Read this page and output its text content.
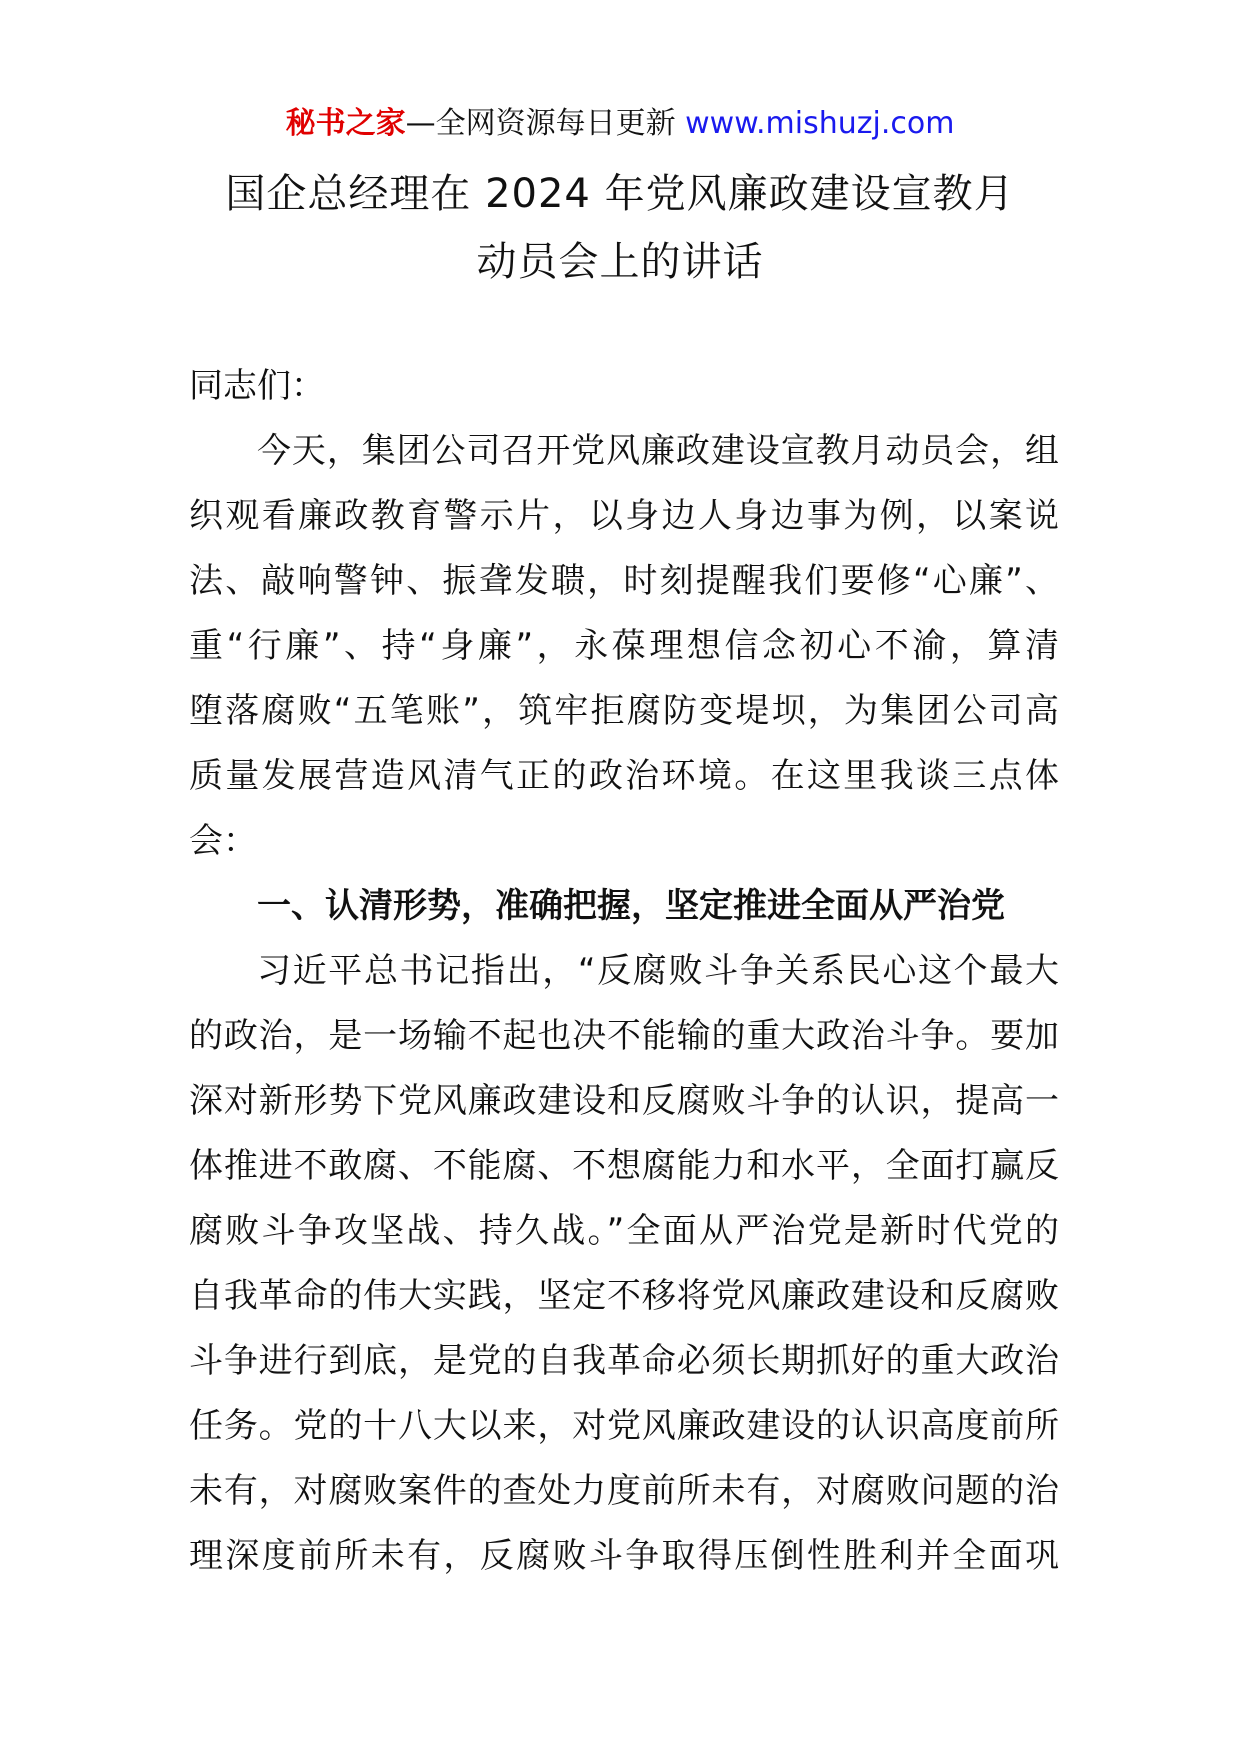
秘书之家—全网资源每日更新 www.mishuzj.com
国企总经理在 2024 年党风廉政建设宣教月
动员会上的讲话
同志们：
今天，集团公司召开党风廉政建设宣教月动员会，组
织观看廉政教育警示片，以身边人身边事为例，以案说
法、敲响警钟、振聋发聩，时刻提醒我们要修“心廉”、
重“行廉”、持“身廉”，永葆理想信念初心不渝，算清
堕落腐败“五笔账”，筑牢拒腐防变堤坝，为集团公司高
质量发展营造风清气正的政治环境。在这里我谈三点体
会：
一、认清形势，准确把握，坚定推进全面从严治党
习近平总书记指出，“反腐败斗争关系民心这个最大
的政治，是一场输不起也决不能输的重大政治斗争。要加
深对新形势下党风廉政建设和反腐败斗争的认识，提高一
体推进不敢腐、不能腐、不想腐能力和水平，全面打赢反
腐败斗争攻坚战、持久战。”全面从严治党是新时代党的
自我革命的伟大实践，坚定不移将党风廉政建设和反腐败
斗争进行到底，是党的自我革命必须长期抓好的重大政治
任务。党的十八大以来，对党风廉政建设的认识高度前所
未有，对腐败案件的查处力度前所未有，对腐败问题的治
理深度前所未有，反腐败斗争取得压倒性胜利并全面巩
